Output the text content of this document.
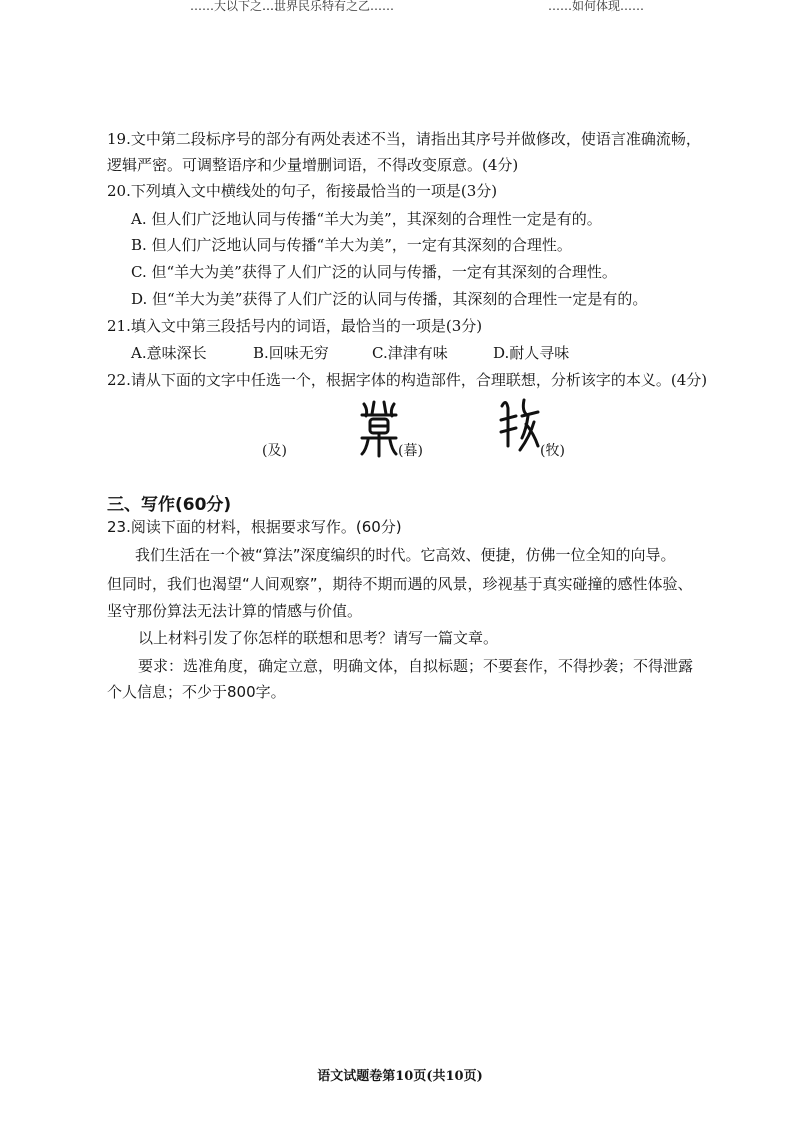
……大以下之……
…世界民乐特有之乙……	……如何体现……
19.文中第二段标序号的部分有两处表述不当，请指出其序号并做修改，使语言准确流畅，
逻辑严密。可调整语序和少量增删词语，不得改变原意。(4分)
20.下列填入文中横线处的句子，衔接最恰当的一项是(3分)
A. 但人们广泛地认同与传播“羊大为美”，其深刻的合理性一定是有的。
B. 但人们广泛地认同与传播“羊大为美”，一定有其深刻的合理性。
C. 但“羊大为美”获得了人们广泛的认同与传播，一定有其深刻的合理性。
D. 但“羊大为美”获得了人们广泛的认同与传播，其深刻的合理性一定是有的。
21.填入文中第三段括号内的词语，最恰当的一项是(3分)
A.意味深长	B.回味无穷	C.津津有味	D.耐人寻味
22.请从下面的文字中任选一个，根据字体的构造部件，合理联想，分析该字的本义。(4分)
(及)	(暮)	(牧)
三、写作(60分)
23.阅读下面的材料，根据要求写作。(60分)
我们生活在一个被“算法”深度编织的时代。它高效、便捷，仿佛一位全知的向导。
但同时，我们也渴望“人间观察”，期待不期而遇的风景，珍视基于真实碰撞的感性体验、
坚守那份算法无法计算的情感与价值。
以上材料引发了你怎样的联想和思考？请写一篇文章。
要求：选准角度，确定立意，明确文体，自拟标题；不要套作，不得抄袭；不得泄露
个人信息；不少于800字。
语文试题卷第10页(共10页)
